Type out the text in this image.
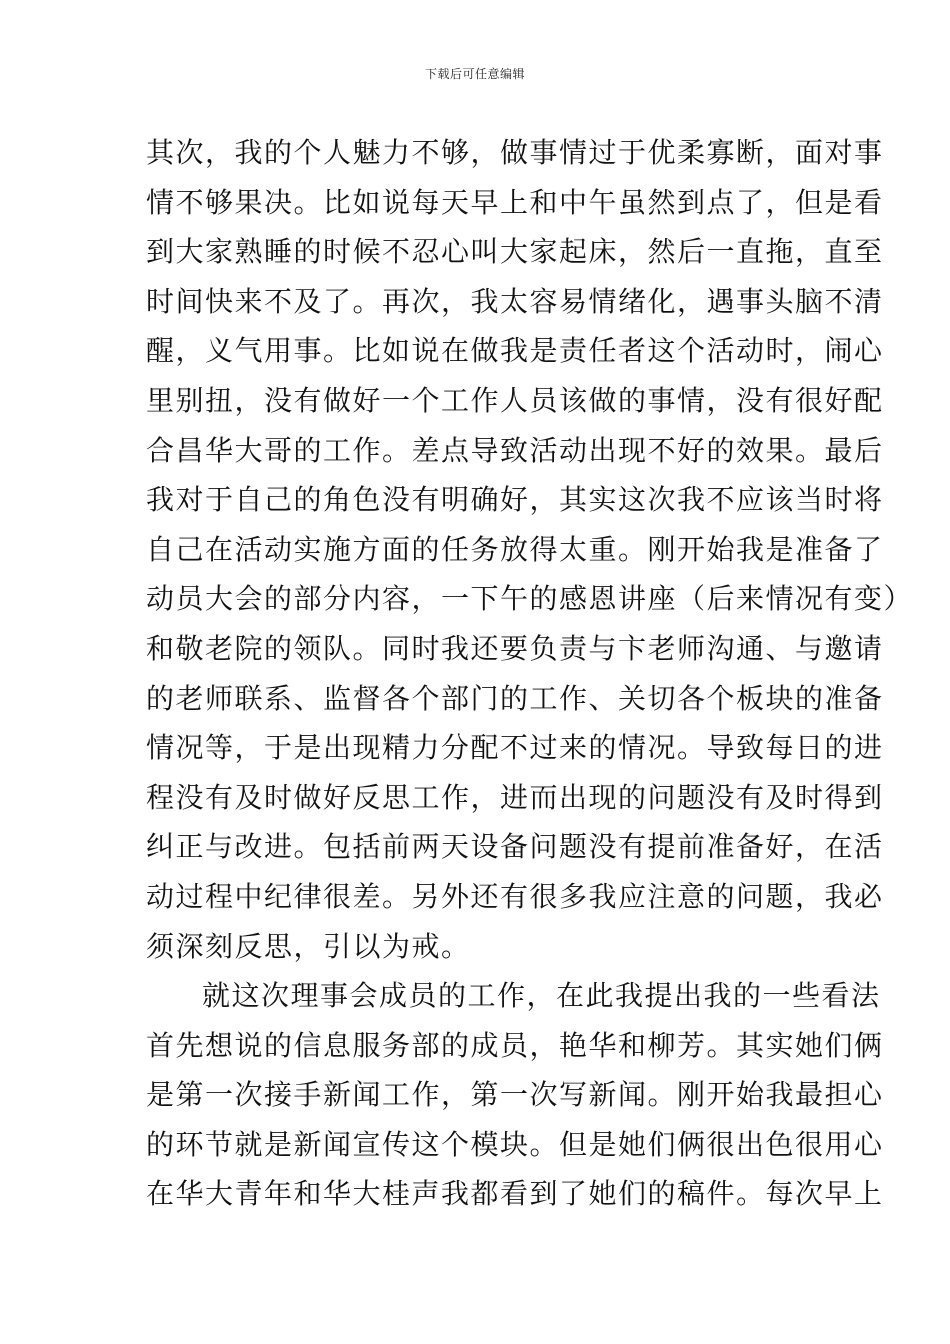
下载后可任意编辑
其次，我的个人魅力不够，做事情过于优柔寡断，面对事
情不够果决。比如说每天早上和中午虽然到点了，但是看
到大家熟睡的时候不忍心叫大家起床，然后一直拖，直至
时间快来不及了。再次，我太容易情绪化，遇事头脑不清
醒，义气用事。比如说在做我是责任者这个活动时，闹心
里别扭，没有做好一个工作人员该做的事情，没有很好配
合昌华大哥的工作。差点导致活动出现不好的效果。最后
我对于自己的角色没有明确好，其实这次我不应该当时将
自己在活动实施方面的任务放得太重。刚开始我是准备了
动员大会的部分内容，一下午的感恩讲座（后来情况有变）
和敬老院的领队。同时我还要负责与卞老师沟通、与邀请
的老师联系、监督各个部门的工作、关切各个板块的准备
情况等，于是出现精力分配不过来的情况。导致每日的进
程没有及时做好反思工作，进而出现的问题没有及时得到
纠正与改进。包括前两天设备问题没有提前准备好，在活
动过程中纪律很差。另外还有很多我应注意的问题，我必
须深刻反思，引以为戒。
就这次理事会成员的工作，在此我提出我的一些看法
首先想说的信息服务部的成员，艳华和柳芳。其实她们俩
是第一次接手新闻工作，第一次写新闻。刚开始我最担心
的环节就是新闻宣传这个模块。但是她们俩很出色很用心
在华大青年和华大桂声我都看到了她们的稿件。每次早上
